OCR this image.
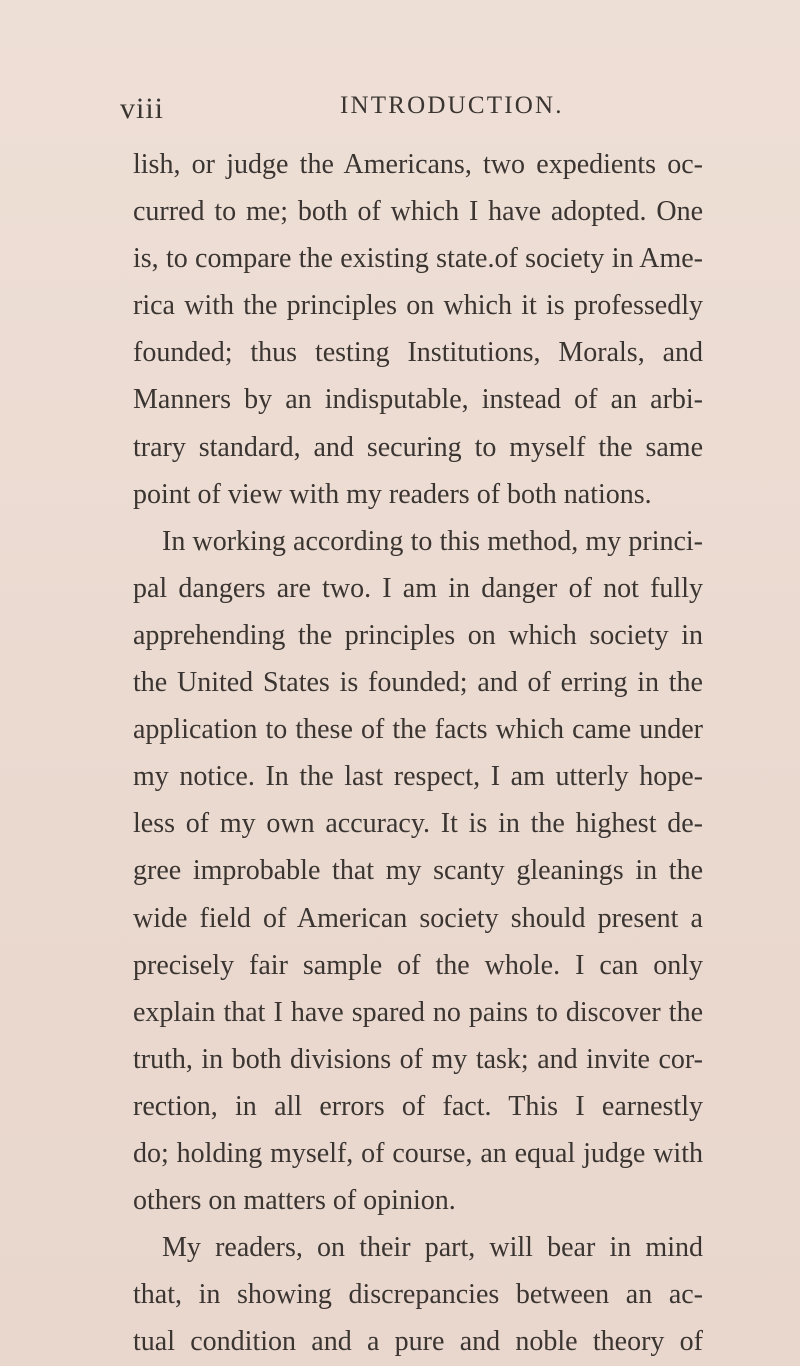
viii	INTRODUCTION.
lish, or judge the Americans, two expedients oc-
curred to me; both of which I have adopted. One
is, to compare the existing state.of society in Ame-
rica with the principles on which it is professedly
founded; thus testing Institutions, Morals, and
Manners by an indisputable, instead of an arbi-
trary standard, and securing to myself the same
point of view with my readers of both nations.
In working according to this method, my princi-
pal dangers are two. I am in danger of not fully
apprehending the principles on which society in
the United States is founded; and of erring in the
application to these of the facts which came under
my notice. In the last respect, I am utterly hope-
less of my own accuracy. It is in the highest de-
gree improbable that my scanty gleanings in the
wide field of American society should present a
precisely fair sample of the whole. I can only
explain that I have spared no pains to discover the
truth, in both divisions of my task; and invite cor-
rection, in all errors of fact. This I earnestly
do; holding myself, of course, an equal judge with
others on matters of opinion.
My readers, on their part, will bear in mind
that, in showing discrepancies between an ac-
tual condition and a pure and noble theory of
